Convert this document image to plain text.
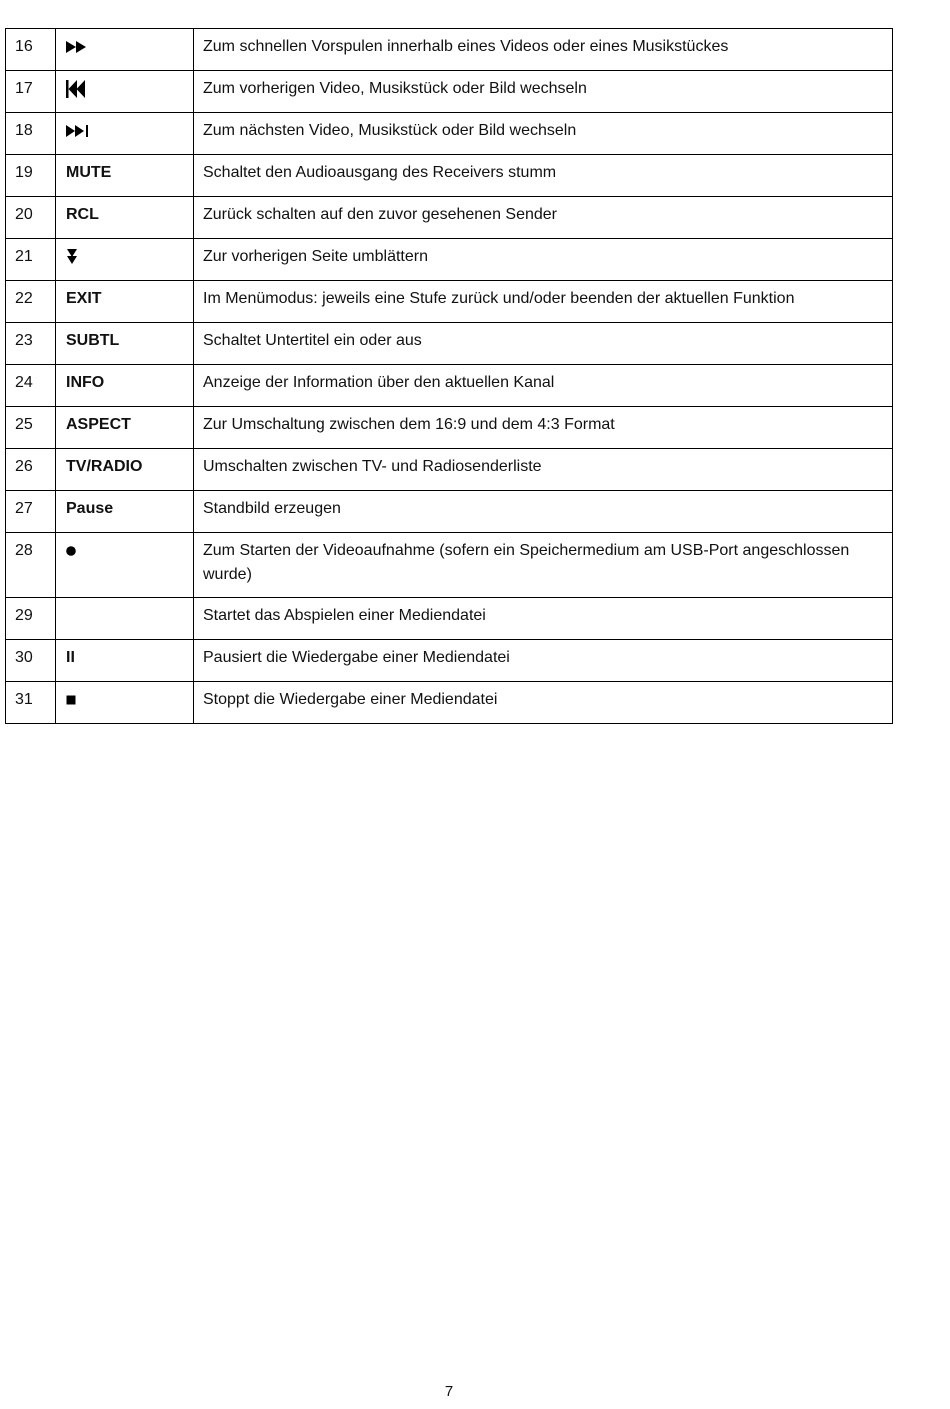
16		Zum schnellen Vorspulen innerhalb eines Videos oder eines Musikstückes
17		Zum vorherigen Video, Musikstück oder Bild wechseln
18		Zum nächsten Video, Musikstück oder Bild wechseln
19	MUTE	Schaltet den Audioausgang des Receivers stumm
20	RCL	Zurück schalten auf den zuvor gesehenen Sender
21		Zur vorherigen Seite umblättern
22	EXIT	Im Menümodus: jeweils eine Stufe zurück und/oder beenden der aktuellen Funktion
23	SUBTL	Schaltet Untertitel ein oder aus
24	INFO	Anzeige der Information über den aktuellen Kanal
25	ASPECT	Zur Umschaltung zwischen dem 16:9 und dem 4:3 Format
26	TV/RADIO	Umschalten zwischen TV- und Radiosenderliste
27	Pause	Standbild erzeugen
28		Zum Starten der Videoaufnahme (sofern ein Speichermedium am USB-Port angeschlossen wurde)
29		Startet das Abspielen einer Mediendatei
30	II	Pausiert die Wiedergabe einer Mediendatei
31		Stoppt die Wiedergabe einer Mediendatei
7
